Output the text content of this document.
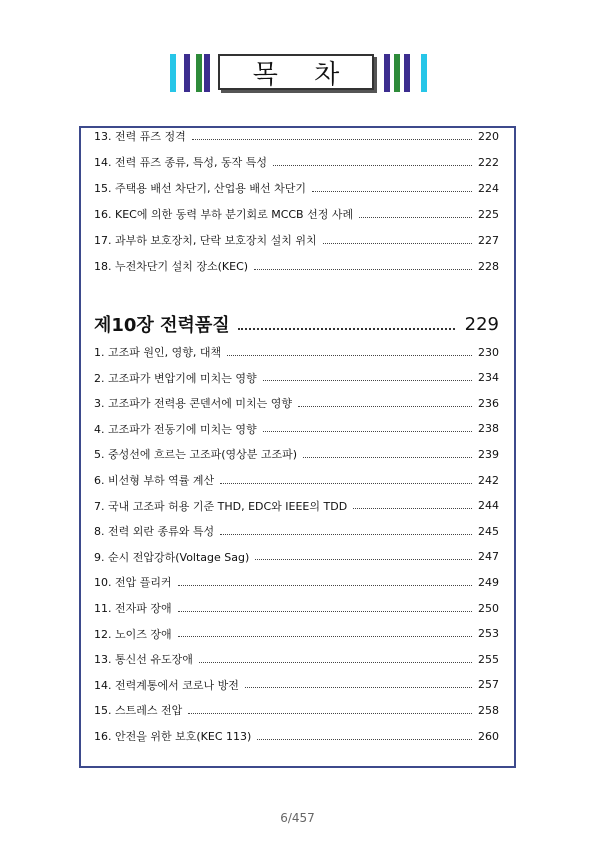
목 차
13. 전력 퓨즈 정격	220
14. 전력 퓨즈 종류, 특성, 동작 특성	222
15. 주택용 배선 차단기, 산업용 배선 차단기	224
16. KEC에 의한 동력 부하 분기회로 MCCB 선정 사례	225
17. 과부하 보호장치, 단락 보호장치 설치 위치	227
18. 누전차단기 설치 장소(KEC)	228
제10장 전력품질	229
1. 고조파 원인, 영향, 대책	230
2. 고조파가 변압기에 미치는 영향	234
3. 고조파가 전력용 콘덴서에 미치는 영향	236
4. 고조파가 전동기에 미치는 영향	238
5. 중성선에 흐르는 고조파(영상분 고조파)	239
6. 비선형 부하 역률 계산	242
7. 국내 고조파 허용 기준 THD, EDC와 IEEE의 TDD	244
8. 전력 외란 종류와 특성	245
9. 순시 전압강하(Voltage Sag)	247
10. 전압 플리커	249
11. 전자파 장애	250
12. 노이즈 장애	253
13. 통신선 유도장애	255
14. 전력계통에서 코로나 방전	257
15. 스트레스 전압	258
16. 안전을 위한 보호(KEC 113)	260
6/457
